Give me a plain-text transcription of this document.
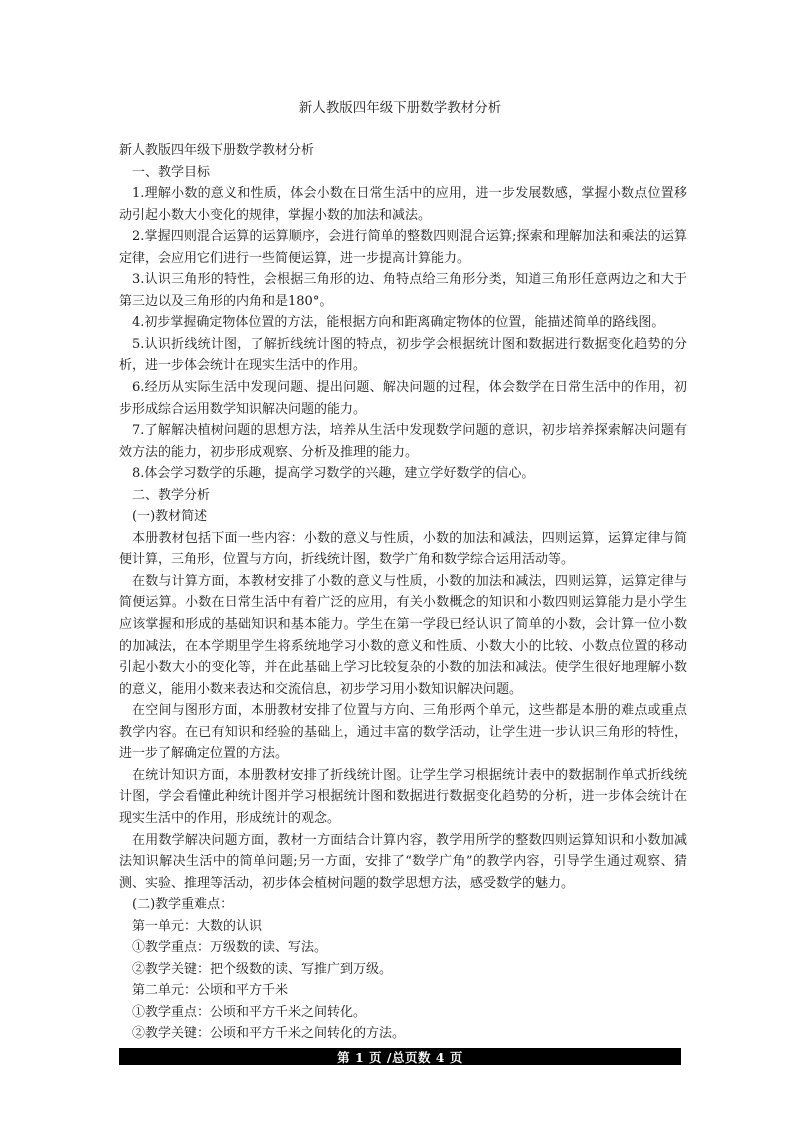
新人教版四年级下册数学教材分析

新人教版四年级下册数学教材分析

一、教学目标

1.理解小数的意义和性质，体会小数在日常生活中的应用，进一步发展数感，掌握小数点位置移动引起小数大小变化的规律，掌握小数的加法和减法。

2.掌握四则混合运算的运算顺序，会进行简单的整数四则混合运算;探索和理解加法和乘法的运算定律，会应用它们进行一些简便运算，进一步提高计算能力。

3.认识三角形的特性，会根据三角形的边、角特点给三角形分类，知道三角形任意两边之和大于第三边以及三角形的内角和是180°。

4.初步掌握确定物体位置的方法，能根据方向和距离确定物体的位置，能描述简单的路线图。

5.认识折线统计图，了解折线统计图的特点，初步学会根据统计图和数据进行数据变化趋势的分析，进一步体会统计在现实生活中的作用。

6.经历从实际生活中发现问题、提出问题、解决问题的过程，体会数学在日常生活中的作用，初步形成综合运用数学知识解决问题的能力。

7.了解解决植树问题的思想方法，培养从生活中发现数学问题的意识，初步培养探索解决问题有效方法的能力，初步形成观察、分析及推理的能力。

8.体会学习数学的乐趣，提高学习数学的兴趣，建立学好数学的信心。

二、教学分析

(一)教材简述

本册教材包括下面一些内容：小数的意义与性质，小数的加法和减法，四则运算，运算定律与简便计算，三角形，位置与方向，折线统计图，数学广角和数学综合运用活动等。

在数与计算方面，本教材安排了小数的意义与性质，小数的加法和减法，四则运算，运算定律与简便运算。小数在日常生活中有着广泛的应用，有关小数概念的知识和小数四则运算能力是小学生应该掌握和形成的基础知识和基本能力。学生在第一学段已经认识了简单的小数，会计算一位小数的加减法，在本学期里学生将系统地学习小数的意义和性质、小数大小的比较、小数点位置的移动引起小数大小的变化等，并在此基础上学习比较复杂的小数的加法和减法。使学生很好地理解小数的意义，能用小数来表达和交流信息，初步学习用小数知识解决问题。

在空间与图形方面，本册教材安排了位置与方向、三角形两个单元，这些都是本册的难点或重点教学内容。在已有知识和经验的基础上，通过丰富的数学活动，让学生进一步认识三角形的特性，进一步了解确定位置的方法。

在统计知识方面，本册教材安排了折线统计图。让学生学习根据统计表中的数据制作单式折线统计图，学会看懂此种统计图并学习根据统计图和数据进行数据变化趋势的分析，进一步体会统计在现实生活中的作用，形成统计的观念。

在用数学解决问题方面，教材一方面结合计算内容，教学用所学的整数四则运算知识和小数加减法知识解决生活中的简单问题;另一方面，安排了“数学广角”的教学内容，引导学生通过观察、猜测、实验、推理等活动，初步体会植树问题的数学思想方法，感受数学的魅力。

(二)教学重难点：

第一单元：大数的认识

①教学重点：万级数的读、写法。

②教学关键：把个级数的读、写推广到万级。

第二单元：公顷和平方千米

①教学重点：公顷和平方千米之间转化。

②教学关键：公顷和平方千米之间转化的方法。

第 1 页 /总页数 4 页
